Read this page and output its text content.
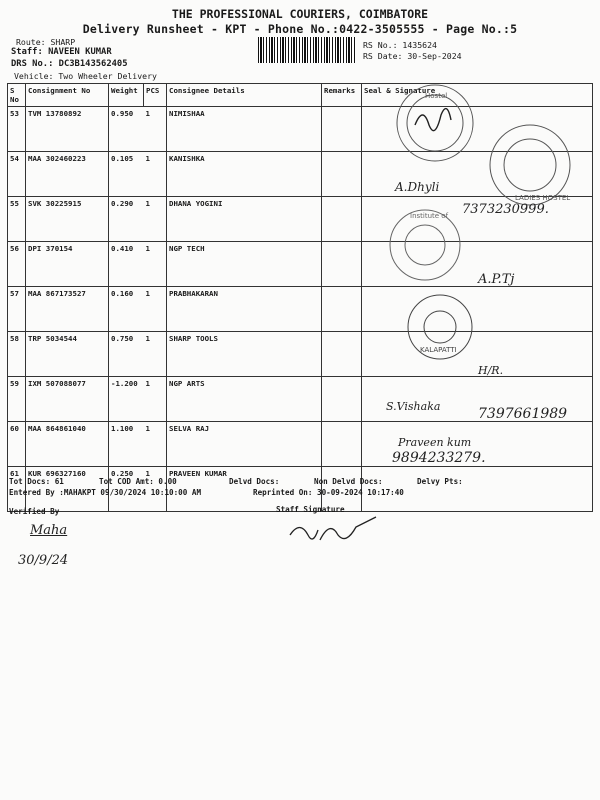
THE PROFESSIONAL COURIERS, COIMBATORE
Delivery Runsheet - KPT - Phone No.:0422-3505555 - Page No.:5
Route: SHARP
Staff: NAVEEN KUMAR
DRS No.: DC3B143562405
Vehicle: Two Wheeler Delivery
RS No.: 1435624
RS Date: 30-Sep-2024
S No	Consignment No	Weight	PCS	Consignee Details	Remarks	Seal & Signature
53	TVM 13780892	0.950	1	NIMISHAA		
54	MAA 302460223	0.105	1	KANISHKA		
55	SVK 30225915	0.290	1	DHANA YOGINI		
56	DPI 370154	0.410	1	NGP TECH		
57	MAA 867173527	0.160	1	PRABHAKARAN		
58	TRP 5034544	0.750	1	SHARP TOOLS		
59	IXM 507088077	-1.200	1	NGP ARTS		
60	MAA 864861040	1.100	1	SELVA RAJ		
61	KUR 696327160	0.250	1	PRAVEEN KUMAR		
Hostel
LADIES HOSTEL
Institute of
KALAPATTI
A.Dhyli
7373230999.
A.P.Tj
H/R.
S.Vishaka	7397661989
Praveen kum
9894233279.
Tot Docs: 61	Tot COD Amt: 0.00	Delvd Docs:	Non Delvd Docs:	Delvy Pts:
Entered By :MAHAKPT 09/30/2024 10:10:00 AM	Reprinted On: 30-09-2024 10:17:40
Verified By	Staff Signature
Maha
30/9/24
